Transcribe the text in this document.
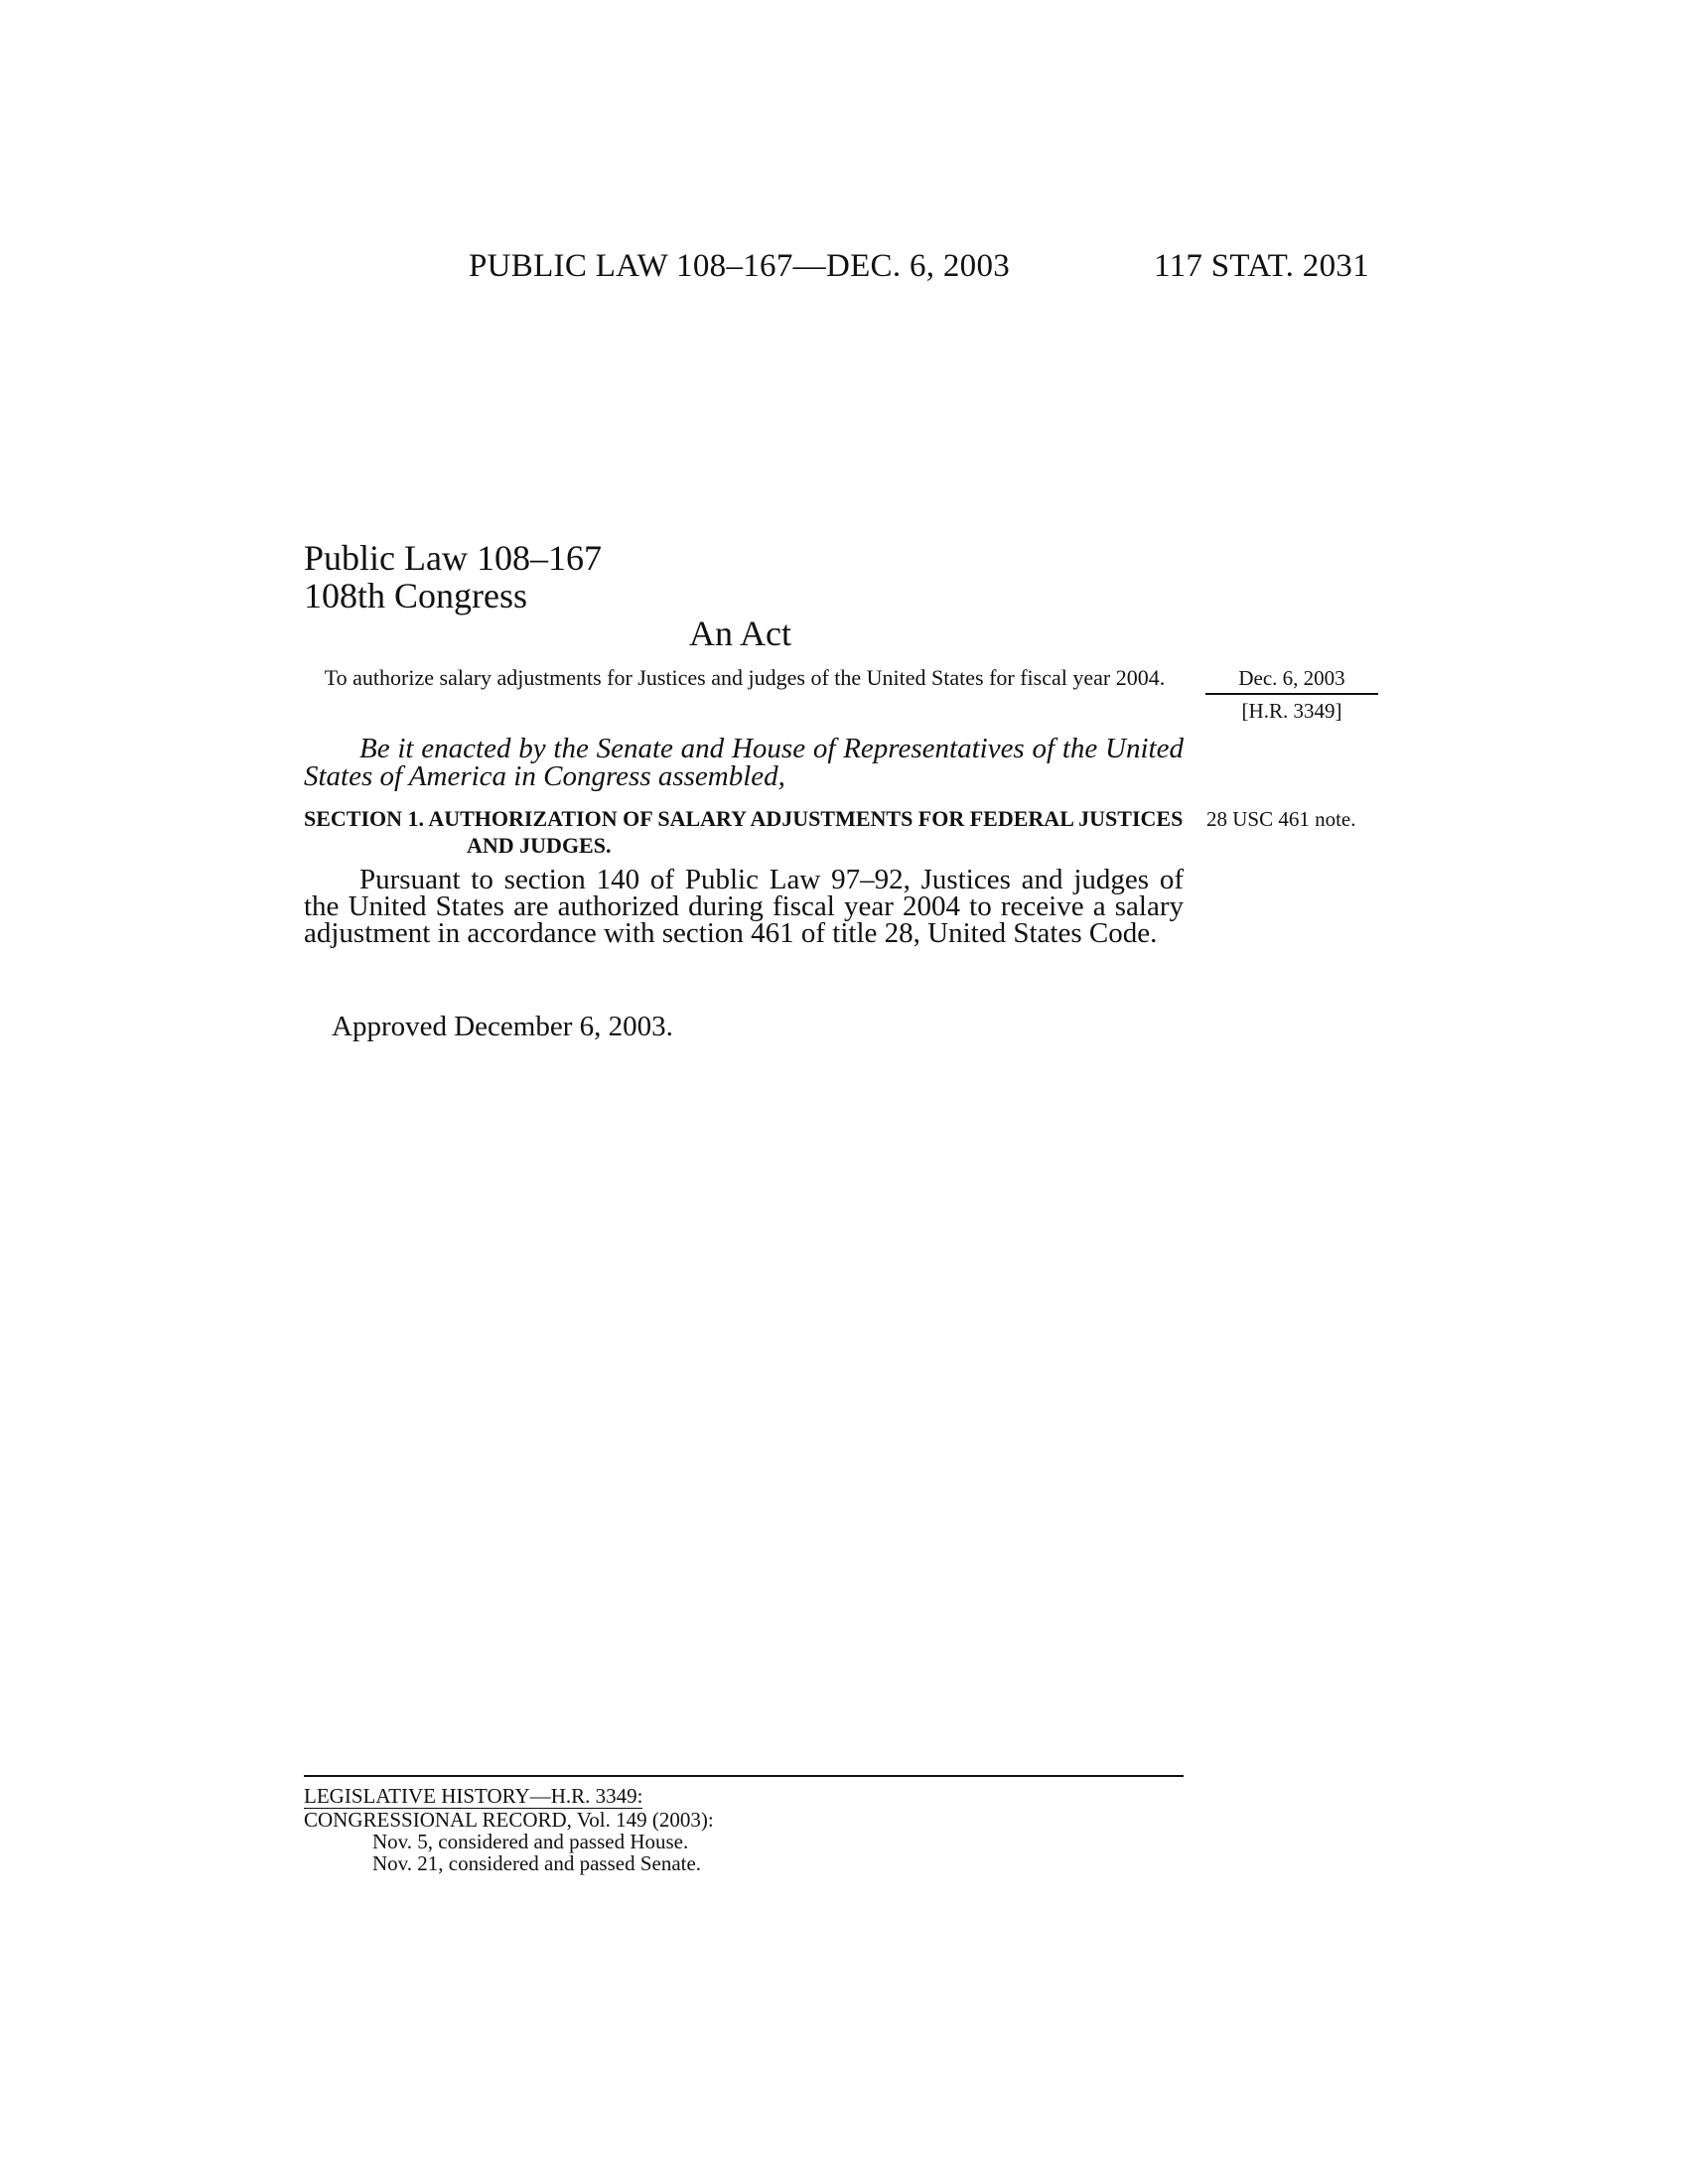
PUBLIC LAW 108–167—DEC. 6, 2003	117 STAT. 2031
Public Law 108–167
108th Congress
An Act
To authorize salary adjustments for Justices and judges of the United States for fiscal year 2004.	Dec. 6, 2003
[H.R. 3349]
28 USC 461 note.
Be it enacted by the Senate and House of Representatives of the United States of America in Congress assembled,
SECTION 1. AUTHORIZATION OF SALARY ADJUSTMENTS FOR FEDERAL JUSTICES AND JUDGES.
Pursuant to section 140 of Public Law 97–92, Justices and judges of the United States are authorized during fiscal year 2004 to receive a salary adjustment in accordance with section 461 of title 28, United States Code.
Approved December 6, 2003.
LEGISLATIVE HISTORY—H.R. 3349:
CONGRESSIONAL RECORD, Vol. 149 (2003):
Nov. 5, considered and passed House.
Nov. 21, considered and passed Senate.
